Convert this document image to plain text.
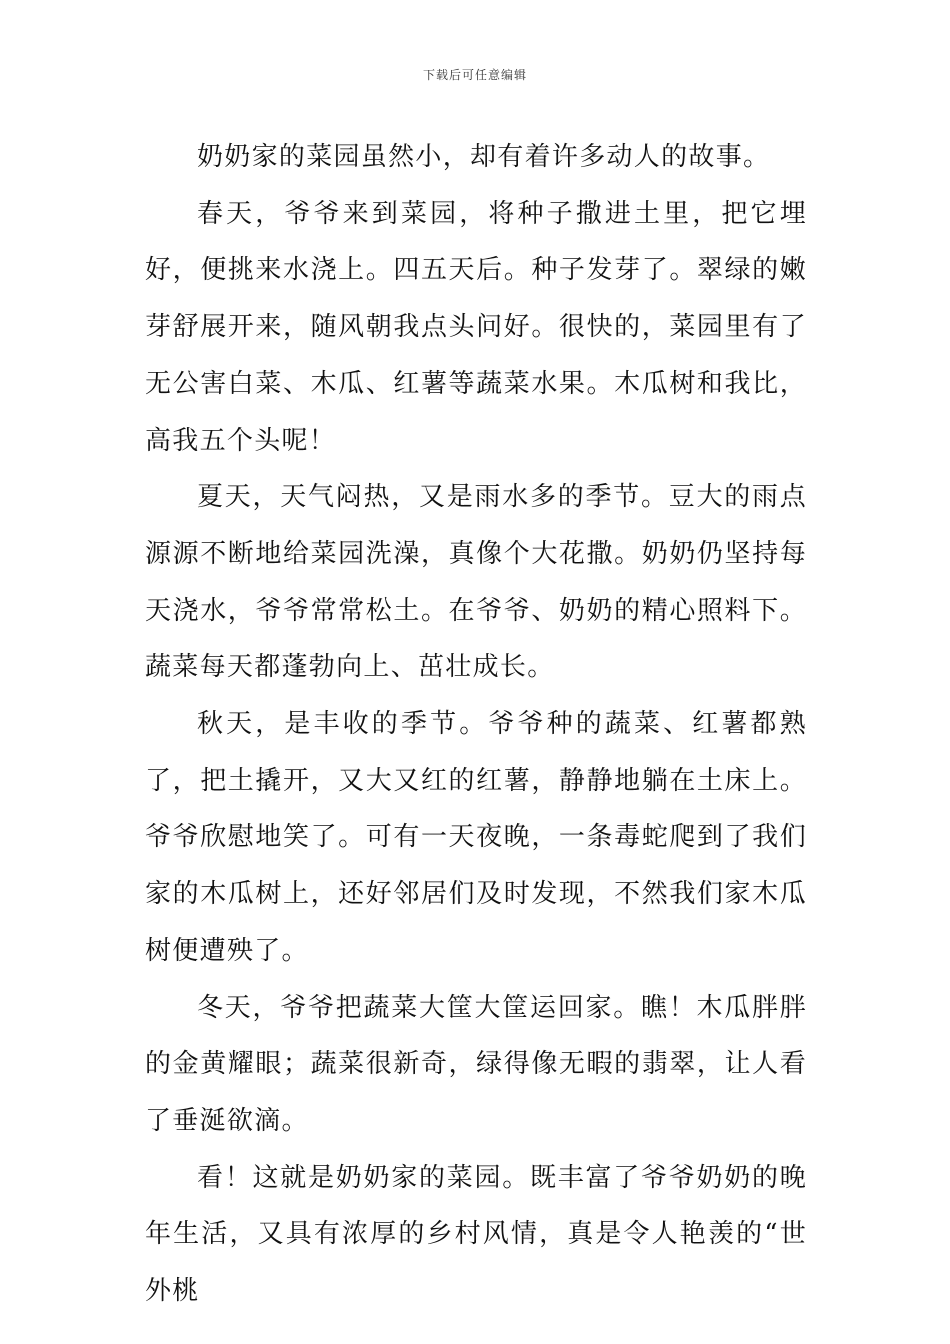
下载后可任意编辑

奶奶家的菜园虽然小，却有着许多动人的故事。

春天，爷爷来到菜园，将种子撒进土里，把它埋好，便挑来水浇上。四五天后。种子发芽了。翠绿的嫩芽舒展开来，随风朝我点头问好。很快的，菜园里有了无公害白菜、木瓜、红薯等蔬菜水果。木瓜树和我比，高我五个头呢！

夏天，天气闷热，又是雨水多的季节。豆大的雨点源源不断地给菜园洗澡，真像个大花撒。奶奶仍坚持每天浇水，爷爷常常松土。在爷爷、奶奶的精心照料下。蔬菜每天都蓬勃向上、茁壮成长。

秋天，是丰收的季节。爷爷种的蔬菜、红薯都熟了，把土撬开，又大又红的红薯，静静地躺在土床上。爷爷欣慰地笑了。可有一天夜晚，一条毒蛇爬到了我们家的木瓜树上，还好邻居们及时发现，不然我们家木瓜树便遭殃了。

冬天，爷爷把蔬菜大筐大筐运回家。瞧！木瓜胖胖的金黄耀眼；蔬菜很新奇，绿得像无暇的翡翠，让人看了垂涎欲滴。

看！这就是奶奶家的菜园。既丰富了爷爷奶奶的晚年生活，又具有浓厚的乡村风情，真是令人艳羡的“世外桃
